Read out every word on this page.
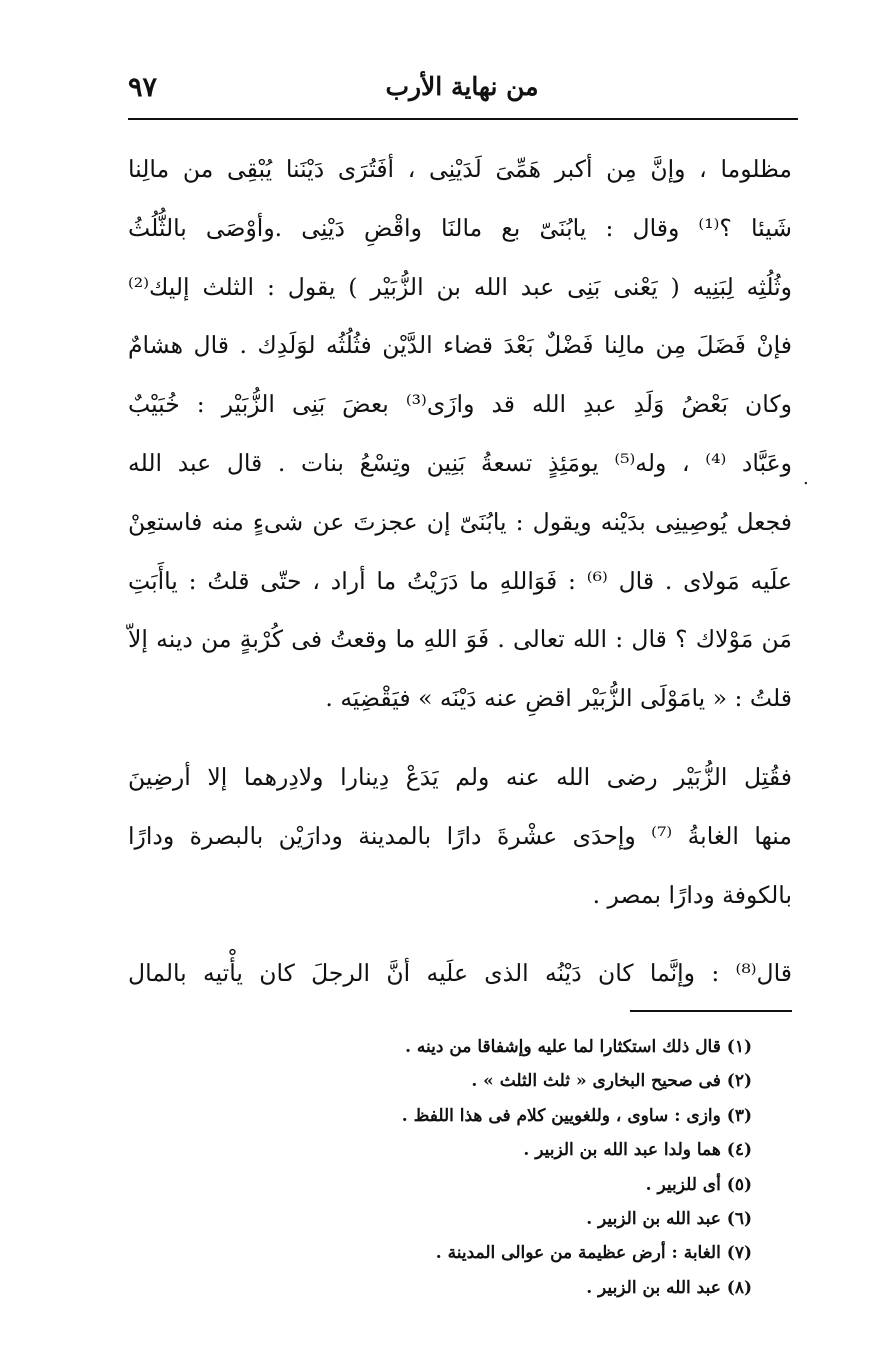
٩٧	من نهاية الأرب
مظلوما ، وإنَّ مِن أكبر هَمِّىَ لَدَيْنِى ، أفَتُرَى دَيْنَنا يُبْقِى من مالِنا
شَيئا ؟⁽¹⁾ وقال : يابُنَىّ بع مالنَا واقْضِ دَيْنِى .وأوْصَى بالثُّلُثُ
وثُلُثِه لِبَنِيه ( يَعْنى بَنِى عبد الله بن الزُّبَيْر ) يقول : الثلث إليك⁽²⁾
فإنْ فَضَلَ مِن مالِنا فَضْلٌ بَعْدَ قضاء الدَّيْن فثُلُثُه لوَلَدِك . قال هشامٌ
وكان بَعْضُ وَلَدِ عبدِ الله قد وازَى⁽³⁾ بعضَ بَنِى الزُّبَيْر : خُبَيْبٌ
وعَبَّاد ⁽⁴⁾ ، وله⁽⁵⁾ يومَئِذٍ تسعةُ بَنِين وتِسْعُ بنات . قال عبد الله
فجعل يُوصِينِى بدَيْنه ويقول : يابُنَىّ إن عجزتَ عن شىءٍ منه فاستعِنْ
علَيه مَولاى . قال ⁽⁶⁾ : فَوَاللهِ ما دَرَيْتُ ما أراد ، حتّى قلتُ : ياأَبَتِ
مَن مَوْلاك ؟ قال : الله تعالى . فَوَ اللهِ ما وقعتُ فى كُرْبةٍ من دينه إلاّ
قلتُ : « يامَوْلَى الزُّبَيْر اقضِ عنه دَيْنَه » فيَقْضِيَه .
فقُتِل الزُّبَيْر رضى الله عنه ولم يَدَعْ دِينارا ولادِرهما إلا أرضِينَ
منها الغابةُ ⁽⁷⁾ وإحدَى عشْرةَ دارًا بالمدينة ودارَيْن بالبصرة ودارًا
بالكوفة ودارًا بمصر .
قال⁽⁸⁾ : وإنَّما كان دَيْنُه الذى علَيه أنَّ الرجلَ كان يأْتيه بالمال
.
(١) قال ذلك استكثارا لما عليه وإشفاقا من دينه .
(٢) فى صحيح البخارى « ثلث الثلث » .
(٣) وازى : ساوى ، وللغويين كلام فى هذا اللفظ .
(٤) هما ولدا عبد الله بن الزبير .
(٥) أى للزبير .
(٦) عبد الله بن الزبير .
(٧) الغابة : أرض عظيمة من عوالى المدينة .
(٨) عبد الله بن الزبير .
